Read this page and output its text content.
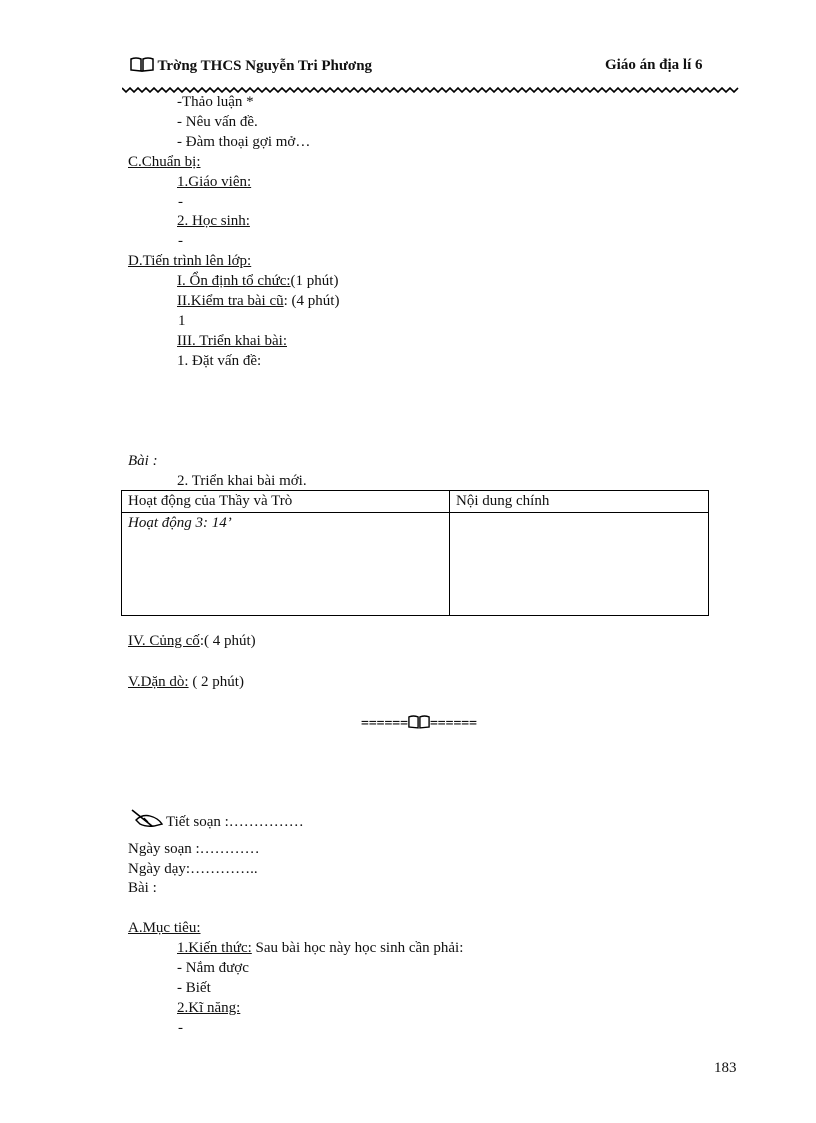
Trờng THCS Nguyễn Tri Phương	Giáo án địa lí 6
-Thảo luận *
- Nêu vấn đề.
- Đàm thoại gợi mở…
C.Chuẩn bị:
1.Giáo viên:
-
2. Học sinh:
-
D.Tiến trình lên lớp:
I. Ổn định tổ chức:(1 phút)
II.Kiểm tra bài cũ: (4 phút)
1
III. Triển khai bài:
1. Đặt vấn đề:
Bài :
2. Triển khai bài mới.
Hoạt động của Thầy và Trò	Nội dung chính
Hoạt động 3: 14’	
IV. Củng cố:( 4 phút)
V.Dặn dò: ( 2 phút)
====== ======
Tiết soạn :……………
Ngày soạn :…………
Ngày dạy:…………..
Bài :
A.Mục tiêu:
1.Kiến thức: Sau bài học này học sinh cần phải:
- Nắm được
- Biết
2.Kĩ năng:
-
183
